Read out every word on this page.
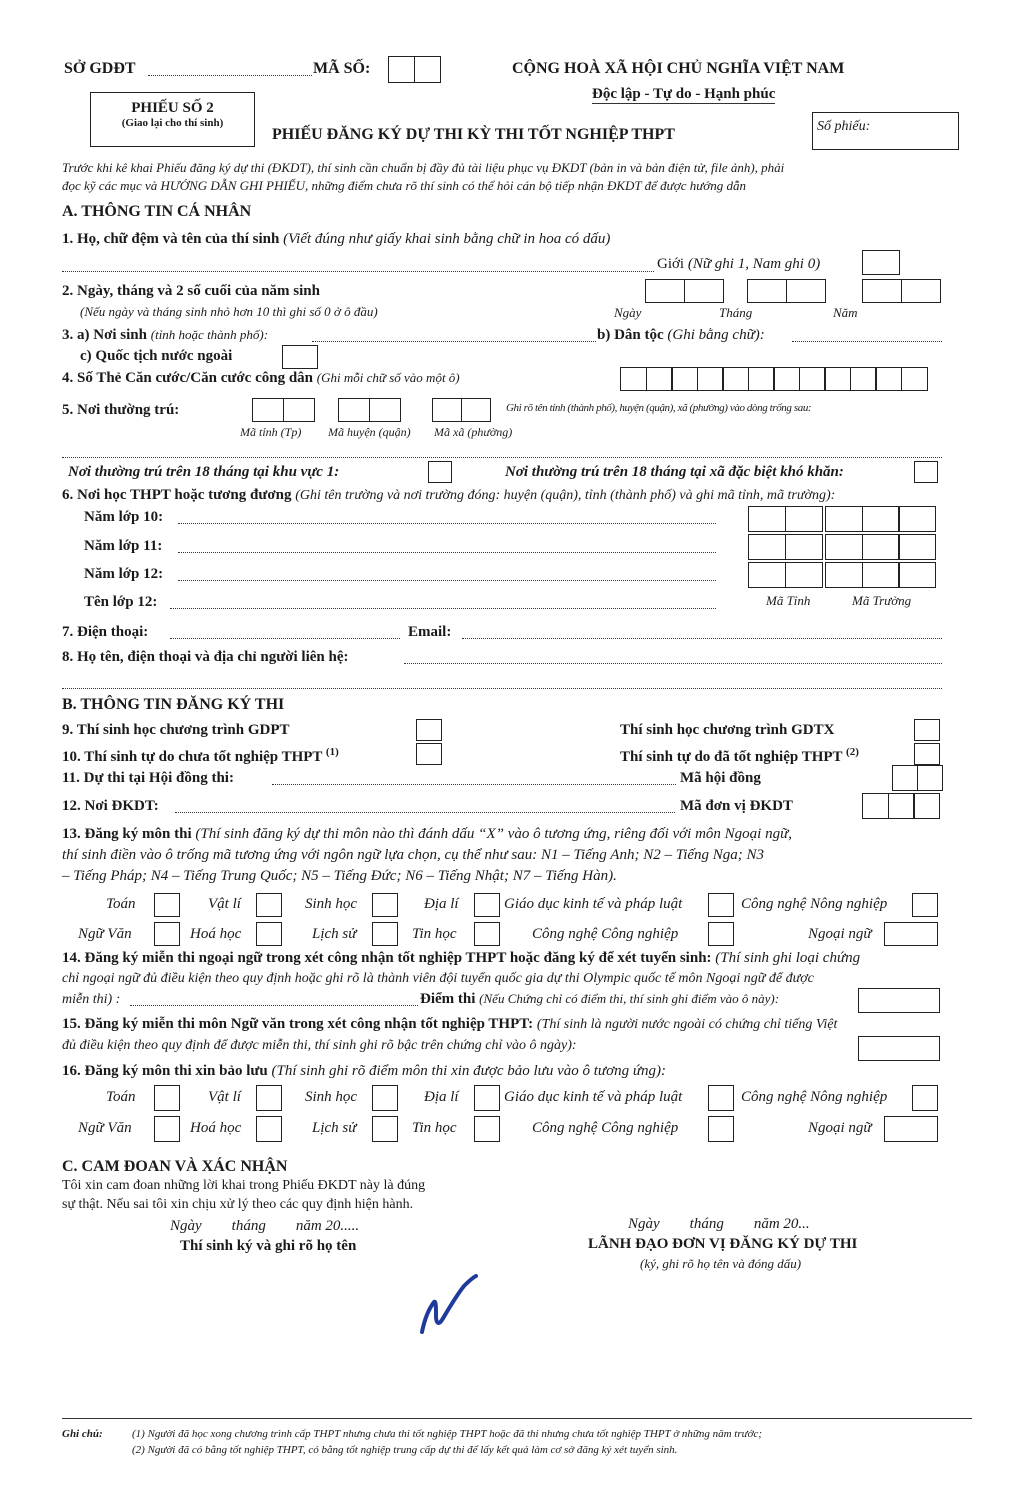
SỞ GDĐT	MÃ SỐ:	CỘNG HOÀ XÃ HỘI CHỦ NGHĨA VIỆT NAM
Độc lập - Tự do - Hạnh phúc
PHIẾU SỐ 2
(Giao lại cho thí sinh)
PHIẾU ĐĂNG KÝ DỰ THI KỲ THI TỐT NGHIỆP THPT	Số phiếu:
Trước khi kê khai Phiếu đăng ký dự thi (ĐKDT), thí sinh cần chuẩn bị đầy đủ tài liệu phục vụ ĐKDT (bản in và bản điện tử, file ảnh), phải
đọc kỹ các mục và HƯỚNG DẪN GHI PHIẾU, những điểm chưa rõ thí sinh có thể hỏi cán bộ tiếp nhận ĐKDT để được hướng dẫn
A. THÔNG TIN CÁ NHÂN
1. Họ, chữ đệm và tên của thí sinh (Viết đúng như giấy khai sinh bằng chữ in hoa có dấu)
Giới (Nữ ghi 1, Nam ghi 0)
2. Ngày, tháng và 2 số cuối của năm sinh
(Nếu ngày và tháng sinh nhỏ hơn 10 thì ghi số 0 ở ô đầu)	Ngày	Tháng	Năm
3. a) Nơi sinh (tỉnh hoặc thành phố):	b) Dân tộc (Ghi bằng chữ):
c) Quốc tịch nước ngoài
4. Số Thẻ Căn cước/Căn cước công dân (Ghi mỗi chữ số vào một ô)
5. Nơi thường trú:	Ghi rõ tên tỉnh (thành phố), huyện (quận), xã (phường) vào dòng trống sau:
Mã tỉnh (Tp) Mã huyện (quận) Mã xã (phường)
Nơi thường trú trên 18 tháng tại khu vực 1:	Nơi thường trú trên 18 tháng tại xã đặc biệt khó khăn:
6. Nơi học THPT hoặc tương đương (Ghi tên trường và nơi trường đóng: huyện (quận), tỉnh (thành phố) và ghi mã tỉnh, mã trường):
Năm lớp 10:
Năm lớp 11:
Năm lớp 12:
Tên lớp 12:	Mã Tỉnh	Mã Trường
7. Điện thoại:	Email:
8. Họ tên, điện thoại và địa chỉ người liên hệ:
B. THÔNG TIN ĐĂNG KÝ THI
9. Thí sinh học chương trình GDPT	Thí sinh học chương trình GDTX
10. Thí sinh tự do chưa tốt nghiệp THPT $^{(1)}$	Thí sinh tự do đã tốt nghiệp THPT $^{(2)}$
11. Dự thi tại Hội đồng thi:	Mã hội đồng
12. Nơi ĐKDT:	Mã đơn vị ĐKDT
13. Đăng ký môn thi (Thí sinh đăng ký dự thi môn nào thì đánh dấu “X” vào ô tương ứng, riêng đối với môn Ngoại ngữ,
thí sinh điền vào ô trống mã tương ứng với ngôn ngữ lựa chọn, cụ thể như sau: N1 – Tiếng Anh; N2 – Tiếng Nga; N3
– Tiếng Pháp; N4 – Tiếng Trung Quốc; N5 – Tiếng Đức; N6 – Tiếng Nhật; N7 – Tiếng Hàn).
Toán	Vật lí	Sinh học	Địa lí	Giáo dục kinh tế và pháp luật	Công nghệ Nông nghiệp
Ngữ Văn	Hoá học	Lịch sử	Tin học	Công nghệ Công nghiệp	Ngoại ngữ
14. Đăng ký miễn thi ngoại ngữ trong xét công nhận tốt nghiệp THPT hoặc đăng ký để xét tuyển sinh: (Thí sinh ghi loại chứng
chỉ ngoại ngữ đủ điều kiện theo quy định hoặc ghi rõ là thành viên đội tuyển quốc gia dự thi Olympic quốc tế môn Ngoại ngữ để được
miễn thi) :	Điểm thi (Nếu Chứng chỉ có điểm thi, thí sinh ghi điểm vào ô này):
15. Đăng ký miễn thi môn Ngữ văn trong xét công nhận tốt nghiệp THPT: (Thí sinh là người nước ngoài có chứng chỉ tiếng Việt
đủ điều kiện theo quy định để được miễn thi, thí sinh ghi rõ bậc trên chứng chỉ vào ô ngày):
16. Đăng ký môn thi xin bảo lưu (Thí sinh ghi rõ điểm môn thi xin được bảo lưu vào ô tương ứng):
Toán	Vật lí	Sinh học	Địa lí	Giáo dục kinh tế và pháp luật	Công nghệ Nông nghiệp
Ngữ Văn	Hoá học	Lịch sử	Tin học	Công nghệ Công nghiệp	Ngoại ngữ
C. CAM ĐOAN VÀ XÁC NHẬN
Tôi xin cam đoan những lời khai trong Phiếu ĐKDT này là đúng
sự thật. Nếu sai tôi xin chịu xử lý theo các quy định hiện hành.
Ngày        tháng        năm 20.....
Thí sinh ký và ghi rõ họ tên
Ngày        tháng        năm 20...
LÃNH ĐẠO ĐƠN VỊ ĐĂNG KÝ DỰ THI
(ký, ghi rõ họ tên và đóng dấu)
Ghi chú:	(1) Người đã học xong chương trình cấp THPT nhưng chưa thi tốt nghiệp THPT hoặc đã thi nhưng chưa tốt nghiệp THPT ở những năm trước;
(2) Người đã có bằng tốt nghiệp THPT, có bằng tốt nghiệp trung cấp dự thi để lấy kết quả làm cơ sở đăng ký xét tuyển sinh.
